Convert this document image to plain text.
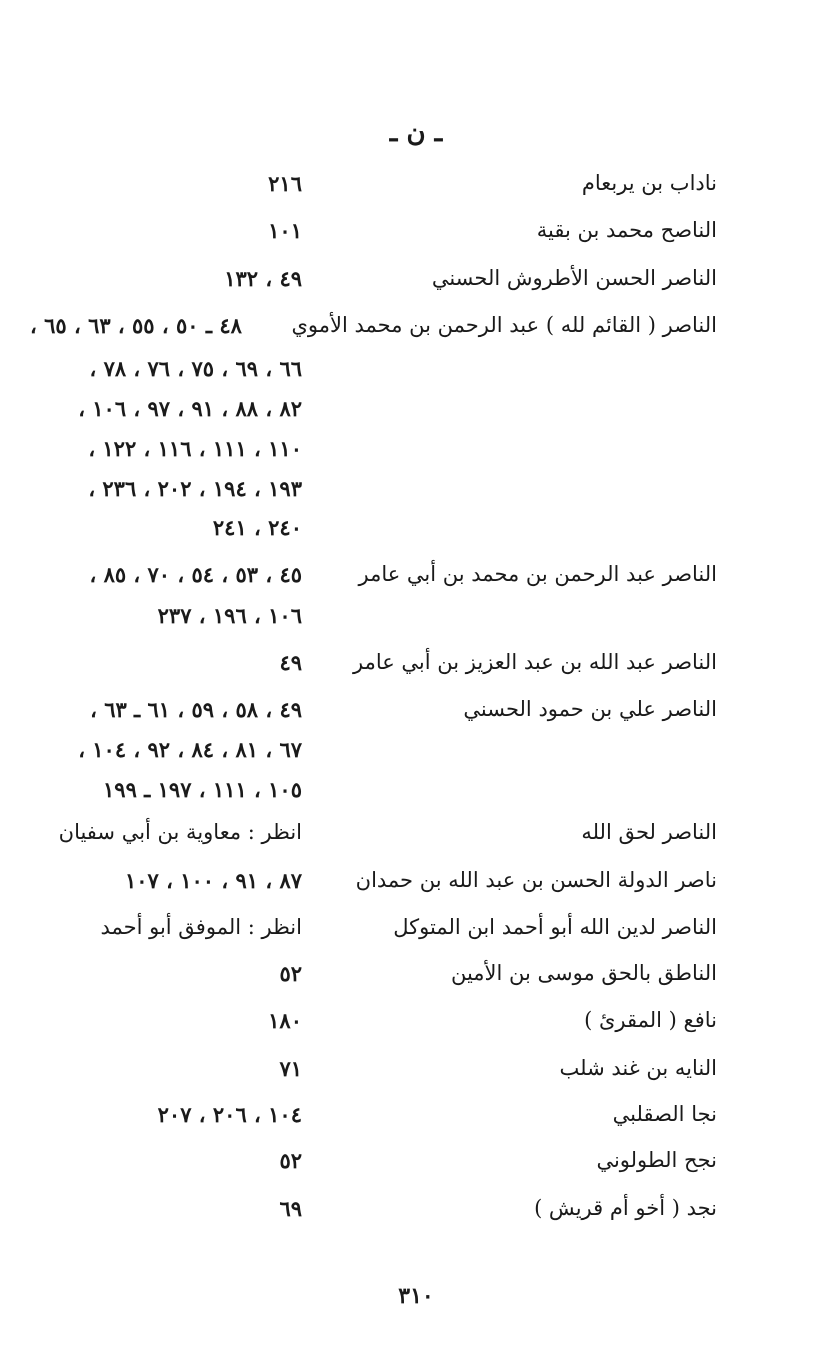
ـ ن ـ
ناداب بن يربعام
٢١٦
الناصح محمد بن بقية
١٠١
الناصر الحسن الأطروش الحسني
٤٩ ، ١٣٢
الناصر ( القائم لله ) عبد الرحمن بن محمد الأموي
٤٨ ـ ٥٠ ، ٥٥ ، ٦٣ ، ٦٥ ،
٦٦ ، ٦٩ ، ٧٥ ، ٧٦ ، ٧٨ ،
٨٢ ، ٨٨ ، ٩١ ، ٩٧ ، ١٠٦ ،
١١٠ ، ١١١ ، ١١٦ ، ١٢٢ ،
١٩٣ ، ١٩٤ ، ٢٠٢ ، ٢٣٦ ،
٢٤٠ ، ٢٤١
الناصر عبد الرحمن بن محمد بن أبي عامر
٤٥ ، ٥٣ ، ٥٤ ، ٧٠ ، ٨٥ ،
١٠٦ ، ١٩٦ ، ٢٣٧
الناصر عبد الله بن عبد العزيز بن أبي عامر
٤٩
الناصر علي بن حمود الحسني
٤٩ ، ٥٨ ، ٥٩ ، ٦١ ـ ٦٣ ،
٦٧ ، ٨١ ، ٨٤ ، ٩٢ ، ١٠٤ ،
١٠٥ ، ١١١ ، ١٩٧ ـ ١٩٩
الناصر لحق الله
انظر : معاوية بن أبي سفيان
ناصر الدولة الحسن بن عبد الله بن حمدان
٨٧ ، ٩١ ، ١٠٠ ، ١٠٧
الناصر لدين الله أبو أحمد ابن المتوكل
انظر : الموفق أبو أحمد
الناطق بالحق موسى بن الأمين
٥٢
نافع ( المقرئ )
١٨٠
النايه بن غند شلب
٧١
نجا الصقلبي
١٠٤ ، ٢٠٦ ، ٢٠٧
نجح الطولوني
٥٢
نجد ( أخو أم قريش )
٦٩
٣١٠
